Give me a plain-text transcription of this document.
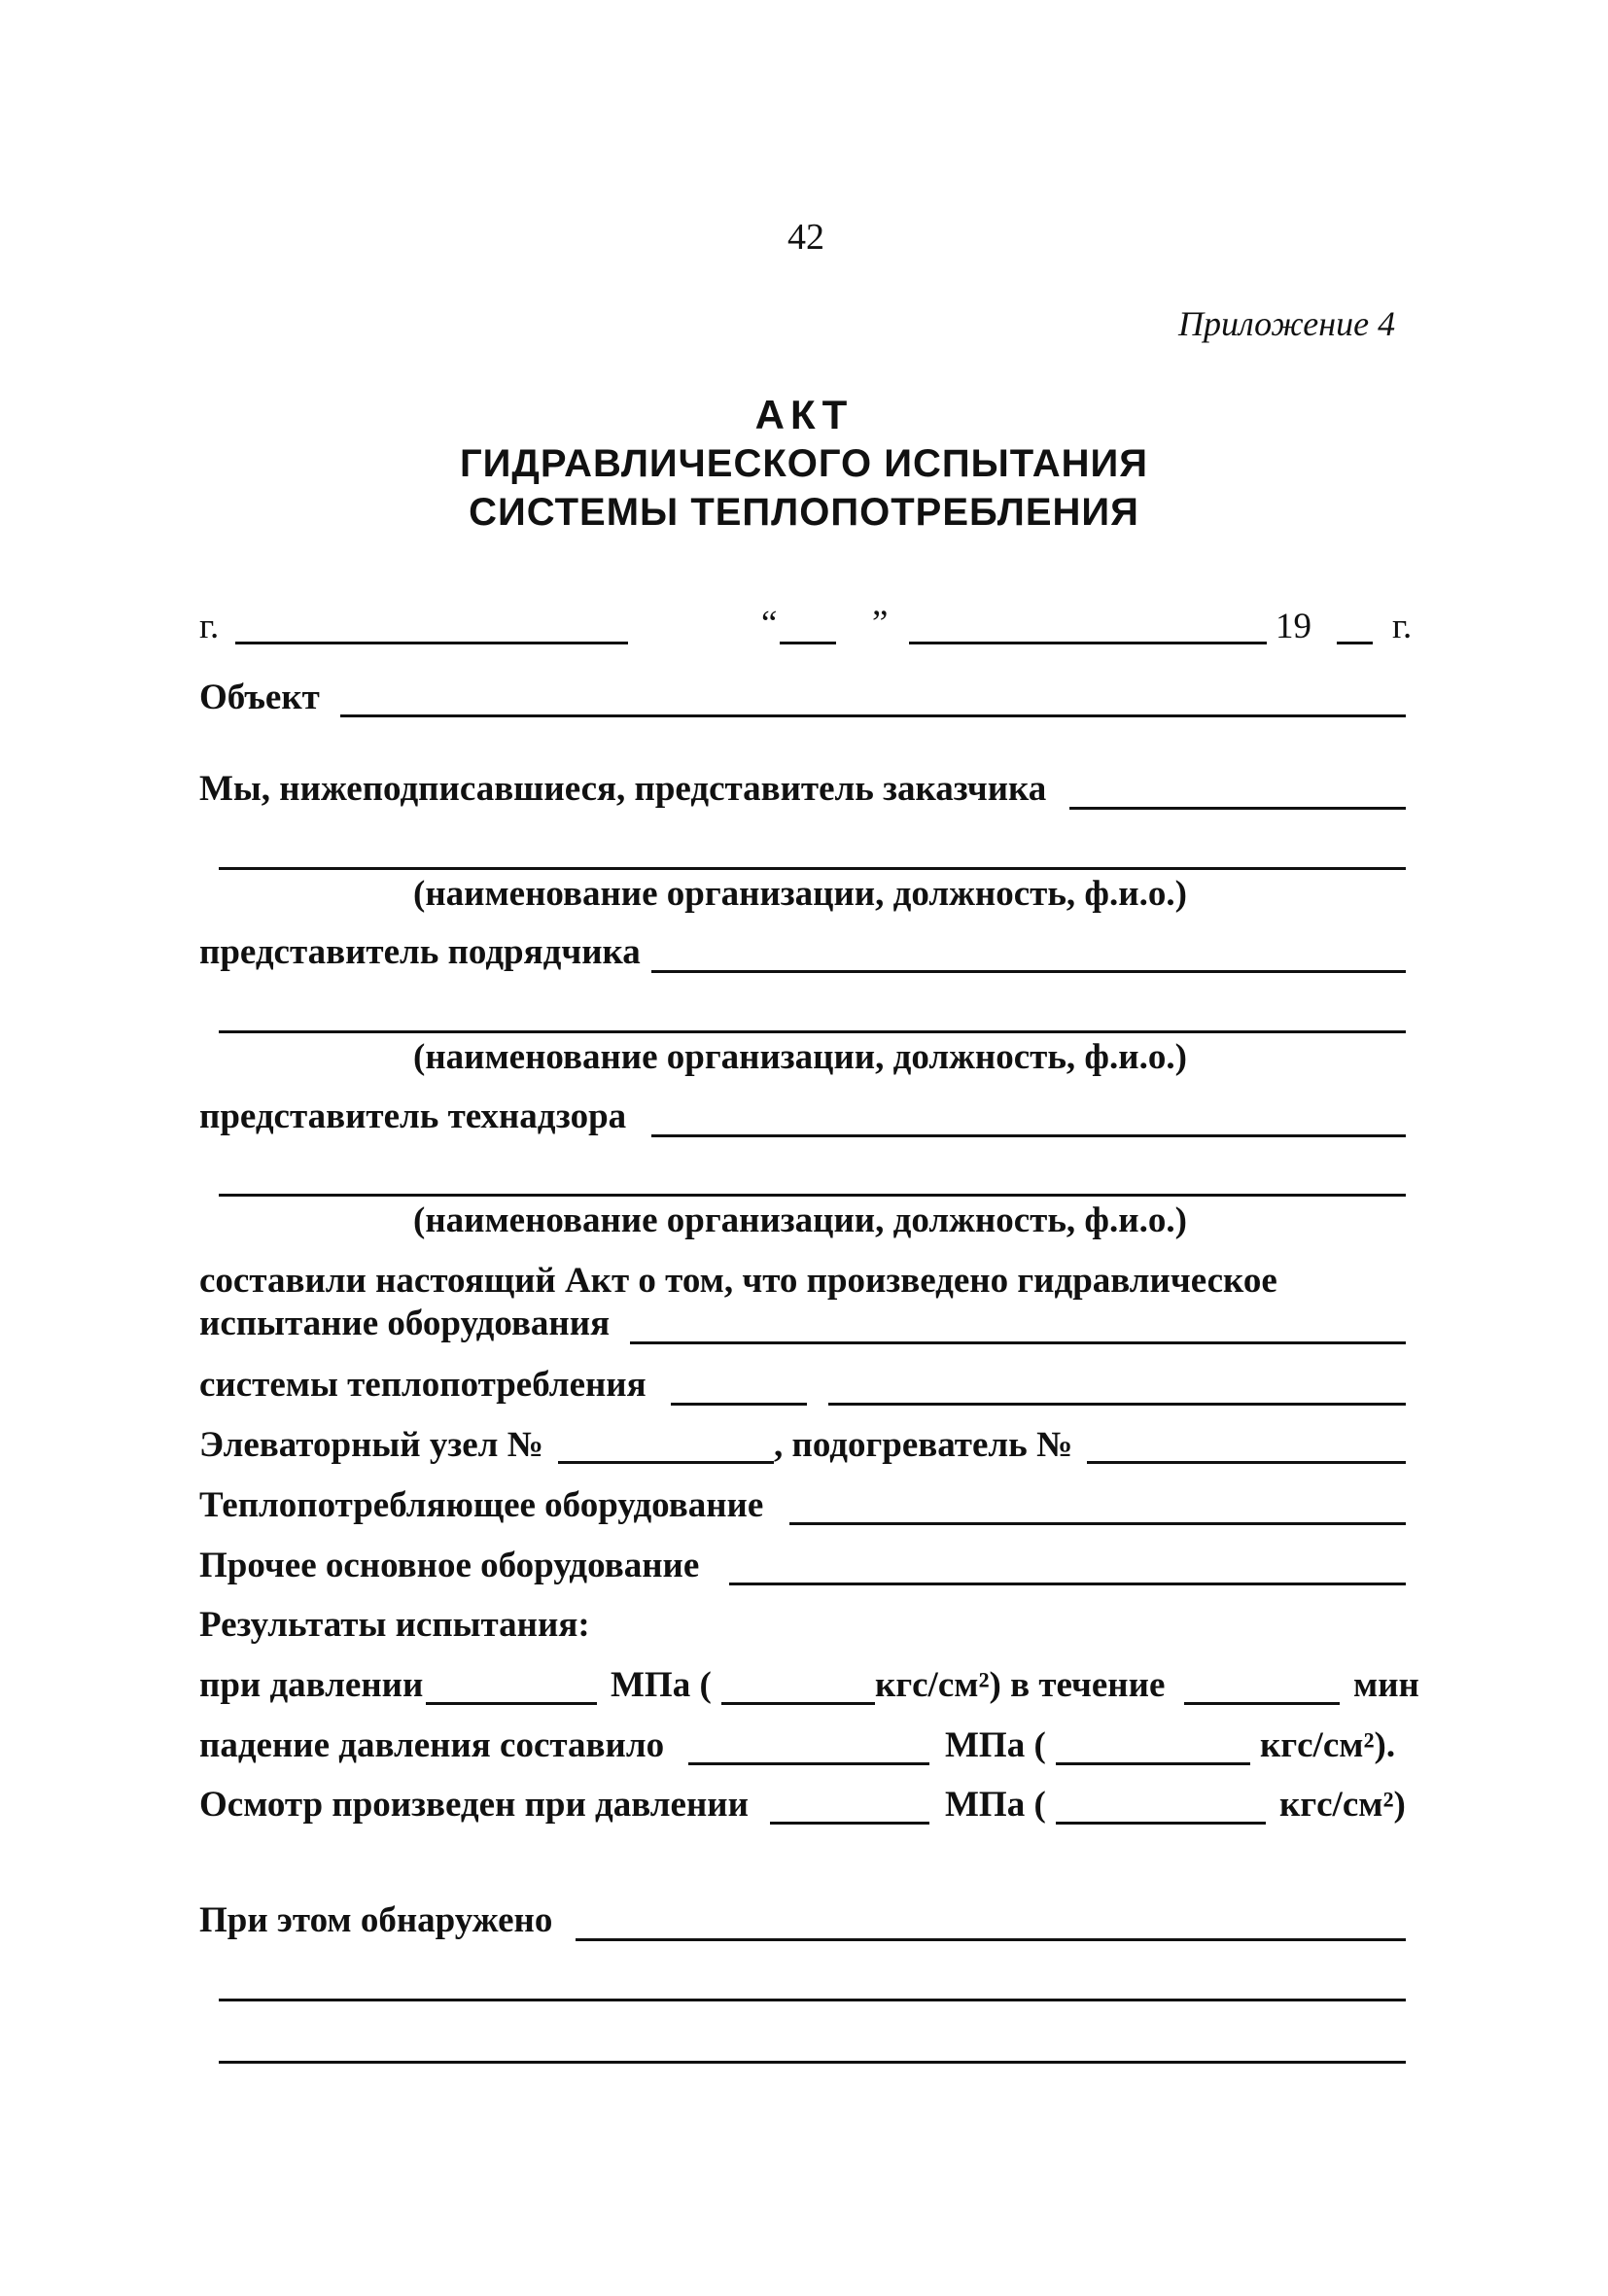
42
Приложение 4
АКТ
ГИДРАВЛИЧЕСКОГО ИСПЫТАНИЯ
СИСТЕМЫ ТЕПЛОПОТРЕБЛЕНИЯ
г.	“	”	19 г.
Объект
Мы, нижеподписавшиеся, представитель заказчика
(наименование организации, должность, ф.и.о.)
представитель подрядчика
(наименование организации, должность, ф.и.о.)
представитель технадзора
(наименование организации, должность, ф.и.о.)
составили настоящий Акт о том, что произведено гидравлическое
испытание оборудования
системы теплопотребления
Элеваторный узел №	, подогреватель №
Теплопотребляющее оборудование
Прочее основное оборудование
Результаты испытания:
при давлении	МПа (	кгс/см²) в течение	мин
падение давления составило	МПа (	кгс/см²).
Осмотр произведен при давлении	МПа (	кгс/см²)
При этом обнаружено
